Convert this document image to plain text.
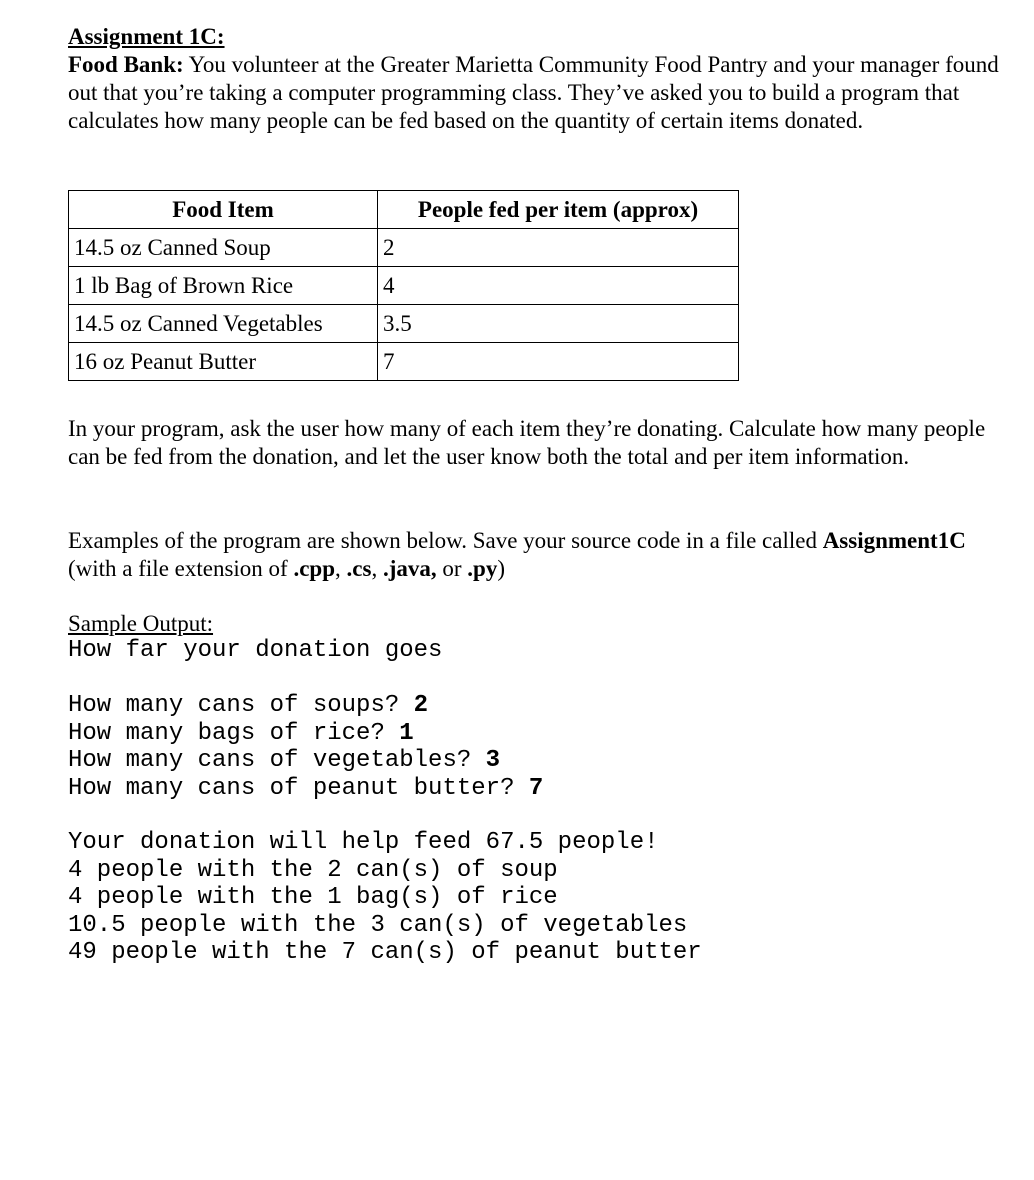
Assignment 1C:

Food Bank: You volunteer at the Greater Marietta Community Food Pantry and your manager found out that you’re taking a computer programming class. They’ve asked you to build a program that calculates how many people can be fed based on the quantity of certain items donated.

Food Item	People fed per item (approx)
14.5 oz Canned Soup	2
1 lb Bag of Brown Rice	4
14.5 oz Canned Vegetables	3.5
16 oz Peanut Butter	7

In your program, ask the user how many of each item they’re donating. Calculate how many people can be fed from the donation, and let the user know both the total and per item information.

Examples of the program are shown below. Save your source code in a file called Assignment1C (with a file extension of .cpp, .cs, .java, or .py)

Sample Output:

How far your donation goes

How many cans of soups? 2
How many bags of rice? 1
How many cans of vegetables? 3
How many cans of peanut butter? 7
Your donation will help feed 67.5 people!
4 people with the 2 can(s) of soup
4 people with the 1 bag(s) of rice
10.5 people with the 3 can(s) of vegetables
49 people with the 7 can(s) of peanut butter
